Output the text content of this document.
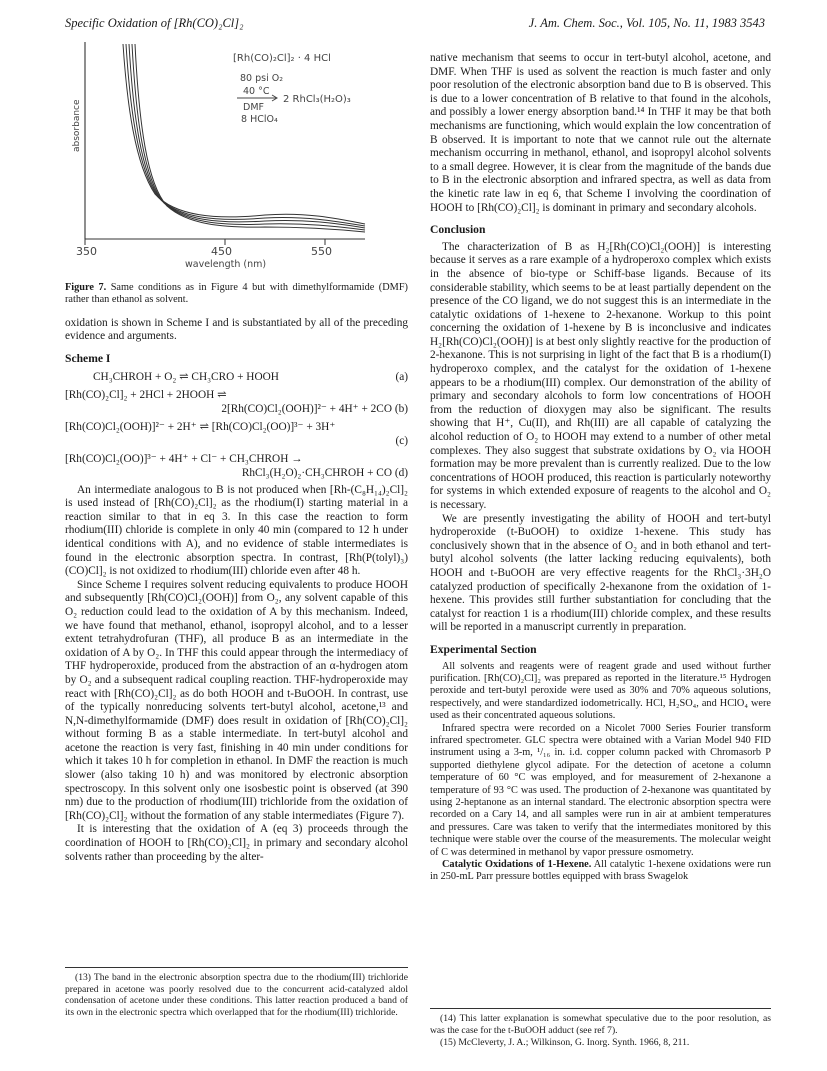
Specific Oxidation of [Rh(CO)₂Cl]₂	J. Am. Chem. Soc., Vol. 105, No. 11, 1983 3543
350	450	550
wavelength (nm)
absorbance
[Rh(CO)₂Cl]₂ · 4 HCl
80 psi O₂
40 °C
DMF
8 HClO₄
2 RhCl₃(H₂O)₃
Figure 7. Same conditions as in Figure 4 but with dimethylformamide (DMF) rather than ethanol as solvent.

oxidation is shown in Scheme I and is substantiated by all of the preceding evidence and arguments.

Scheme I
CH₃CHROH + O₂ ⇌ CH₃CRO + HOOH	(a)
[Rh(CO)₂Cl]₂ + 2HCl + 2HOOH ⇌
2[Rh(CO)Cl₂(OOH)]²⁻ + 4H⁺ + 2CO (b)
[Rh(CO)Cl₂(OOH)]²⁻ + 2H⁺ ⇌ [Rh(CO)Cl₂(OO)]³⁻ + 3H⁺
(c)
[Rh(CO)Cl₂(OO)]³⁻ + 4H⁺ + Cl⁻ + CH₃CHROH →
RhCl₃(H₂O)₂·CH₃CHROH + CO (d)

An intermediate analogous to B is not produced when [Rh-(C₈H₁₄)₂Cl]₂ is used instead of [Rh(CO)₂Cl]₂ as the rhodium(I) starting material in a reaction similar to that in eq 3. In this case the reaction to form rhodium(III) chloride is complete in only 40 min (compared to 12 h under identical conditions with A), and no evidence of stable intermediates is found in the electronic absorption spectra. In contrast, [Rh(P(tolyl)₃)(CO)Cl]₂ is not oxidized to rhodium(III) chloride even after 48 h.

Since Scheme I requires solvent reducing equivalents to produce HOOH and subsequently [Rh(CO)Cl₂(OOH)] from O₂, any solvent capable of this O₂ reduction could lead to the oxidation of A by this mechanism. Indeed, we have found that methanol, ethanol, isopropyl alcohol, and to a lesser extent tetrahydrofuran (THF), all produce B as an intermediate in the oxidation of A by O₂. In THF this could appear through the intermediacy of THF hydroperoxide, produced from the abstraction of an α-hydrogen atom by O₂ and a subsequent radical coupling reaction. THF-hydroperoxide may react with [Rh(CO)₂Cl]₂ as do both HOOH and t-BuOOH. In contrast, use of the typically nonreducing solvents tert-butyl alcohol, acetone,¹³ and N,N-dimethylformamide (DMF) does result in oxidation of [Rh(CO)₂Cl]₂ without forming B as a stable intermediate. In tert-butyl alcohol and acetone the reaction is very fast, finishing in 40 min under conditions for which it takes 10 h for completion in ethanol. In DMF the reaction is much slower (also taking 10 h) and was monitored by electronic absorption spectroscopy. In this solvent only one isosbestic point is observed (at 390 nm) due to the production of rhodium(III) trichloride from the oxidation of [Rh(CO)₂Cl]₂ without the formation of any stable intermediates (Figure 7).

It is interesting that the oxidation of A (eq 3) proceeds through the coordination of HOOH to [Rh(CO)₂Cl]₂ in primary and secondary alcohol solvents rather than proceeding by the alter-

native mechanism that seems to occur in tert-butyl alcohol, acetone, and DMF. When THF is used as solvent the reaction is much faster and only poor resolution of the electronic absorption band due to B is observed. This is due to a lower concentration of B relative to that found in the alcohols, and possibly a lower energy absorption band.¹⁴ In THF it may be that both mechanisms are functioning, which would explain the low concentration of B observed. It is important to note that we cannot rule out the alternate mechanism occurring in methanol, ethanol, and isopropyl alcohol solvents to a small degree. However, it is clear from the magnitude of the bands due to B in the electronic absorption and infrared spectra, as well as data from the kinetic rate law in eq 6, that Scheme I involving the coordination of HOOH to [Rh(CO)₂Cl]₂ is dominant in primary and secondary alcohols.

Conclusion

The characterization of B as H₂[Rh(CO)Cl₂(OOH)] is interesting because it serves as a rare example of a hydroperoxo complex which exists in the absence of bio-type or Schiff-base ligands. Because of its considerable stability, which seems to be at least partially dependent on the presence of the CO ligand, we do not suggest this is an intermediate in the catalytic oxidations of 1-hexene to 2-hexanone. Workup to this point concerning the oxidation of 1-hexene by B is inconclusive and indicates H₂[Rh(CO)Cl₂(OOH)] is at best only slightly reactive for the production of 2-hexanone. This is not surprising in light of the fact that B is a rhodium(I) hydroperoxo complex, and the catalyst for the oxidation of 1-hexene appears to be a rhodium(III) complex. Our demonstration of the ability of primary and secondary alcohols to form low concentrations of HOOH from the reduction of dioxygen may also be significant. The results showing that H⁺, Cu(II), and Rh(III) are all capable of catalyzing the alcohol reduction of O₂ to HOOH may extend to a number of other metal complexes. They also suggest that substrate oxidations by O₂ via HOOH formation may be more prevalent than is currently realized. Due to the low concentrations of HOOH produced, this reaction is particularly noteworthy for systems in which extended exposure of reagents to the alcohol and O₂ is necessary.

We are presently investigating the ability of HOOH and tert-butyl hydroperoxide (t-BuOOH) to oxidize 1-hexene. This study has conclusively shown that in the absence of O₂ and in both ethanol and tert-butyl alcohol solvents (the latter lacking reducing equivalents), both HOOH and t-BuOOH are very effective reagents for the RhCl₃·3H₂O catalyzed production of specifically 2-hexanone from the oxidation of 1-hexene. This provides still further substantiation for concluding that the catalyst for reaction 1 is a rhodium(III) chloride complex, and these results will be reported in a manuscript currently in preparation.

Experimental Section

All solvents and reagents were of reagent grade and used without further purification. [Rh(CO)₂Cl]₂ was prepared as reported in the literature.¹⁵ Hydrogen peroxide and tert-butyl peroxide were used as 30% and 70% aqueous solutions, respectively, and were standardized iodometrically. HCl, H₂SO₄, and HClO₄ were used as their concentrated aqueous solutions.

Infrared spectra were recorded on a Nicolet 7000 Series Fourier transform infrared spectrometer. GLC spectra were obtained with a Varian Model 940 FID instrument using a 3-m, ¹/₁₆ in. i.d. copper column packed with Chromasorb P supported diethylene glycol adipate. For the detection of acetone a column temperature of 60 °C was employed, and for measurement of 2-hexanone a temperature of 93 °C was used. The production of 2-hexanone was quantitated by using 2-heptanone as an internal standard. The electronic absorption spectra were recorded on a Cary 14, and all samples were run in air at ambient temperatures and pressures. Care was taken to verify that the intermediates monitored by this technique were stable over the course of the measurements. The molecular weight of C was determined in methanol by vapor pressure osmometry.

Catalytic Oxidations of 1-Hexene. All catalytic 1-hexene oxidations were run in 250-mL Parr pressure bottles equipped with brass Swagelok

(13) The band in the electronic absorption spectra due to the rhodium(III) trichloride prepared in acetone was poorly resolved due to the concurrent acid-catalyzed aldol condensation of acetone under these conditions. This latter reaction produced a band of its own in the electronic spectra which overlapped that for the rhodium(III) trichloride.

(14) This latter explanation is somewhat speculative due to the poor resolution, as was the case for the t-BuOOH adduct (see ref 7).

(15) McCleverty, J. A.; Wilkinson, G. Inorg. Synth. 1966, 8, 211.
